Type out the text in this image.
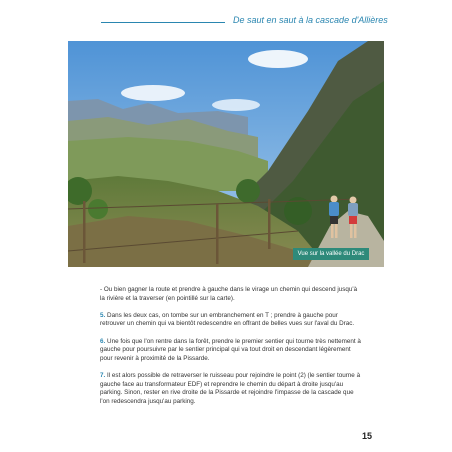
De saut en saut à la cascade d'Allières
Vue sur la vallée du Drac

- Ou bien gagner la route et prendre à gauche dans le virage un chemin qui descend jusqu'à la rivière et la traverser (en pointillé sur la carte).

5. Dans les deux cas, on tombe sur un embranchement en T ; prendre à gauche pour retrouver un chemin qui va bientôt redescendre en offrant de belles vues sur l'aval du Drac.

6. Une fois que l'on rentre dans la forêt, prendre le premier sentier qui tourne très nettement à gauche pour poursuivre par le sentier principal qui va tout droit en descendant légèrement pour revenir à proximité de la Pissarde.

7. Il est alors possible de retraverser le ruisseau pour rejoindre le point (2) (le sentier tourne à gauche face au transformateur EDF) et reprendre le chemin du départ à droite jusqu'au parking. Sinon, rester en rive droite de la Pissarde et rejoindre l'impasse de la cascade que l'on redescendra jusqu'au parking.

15
